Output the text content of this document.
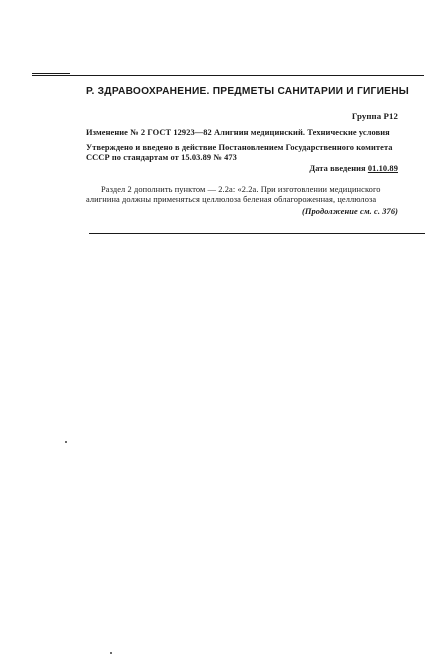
Р. ЗДРАВООХРАНЕНИЕ. ПРЕДМЕТЫ САНИТАРИИ И ГИГИЕНЫ
Группа Р12
Изменение № 2 ГОСТ 12923—82 Алигнин медицинский. Технические условия
Утверждено и введено в действие Постановлением Государственного комитета
СССР по стандартам от 15.03.89 № 473
Дата введения 01.10.89
Раздел 2 дополнить пунктом — 2.2а: «2.2а. При изготовлении медицинского
алигнина должны применяться целлюлоза беленая облагороженная, целлюлоза
(Продолжение см. с. 376)
